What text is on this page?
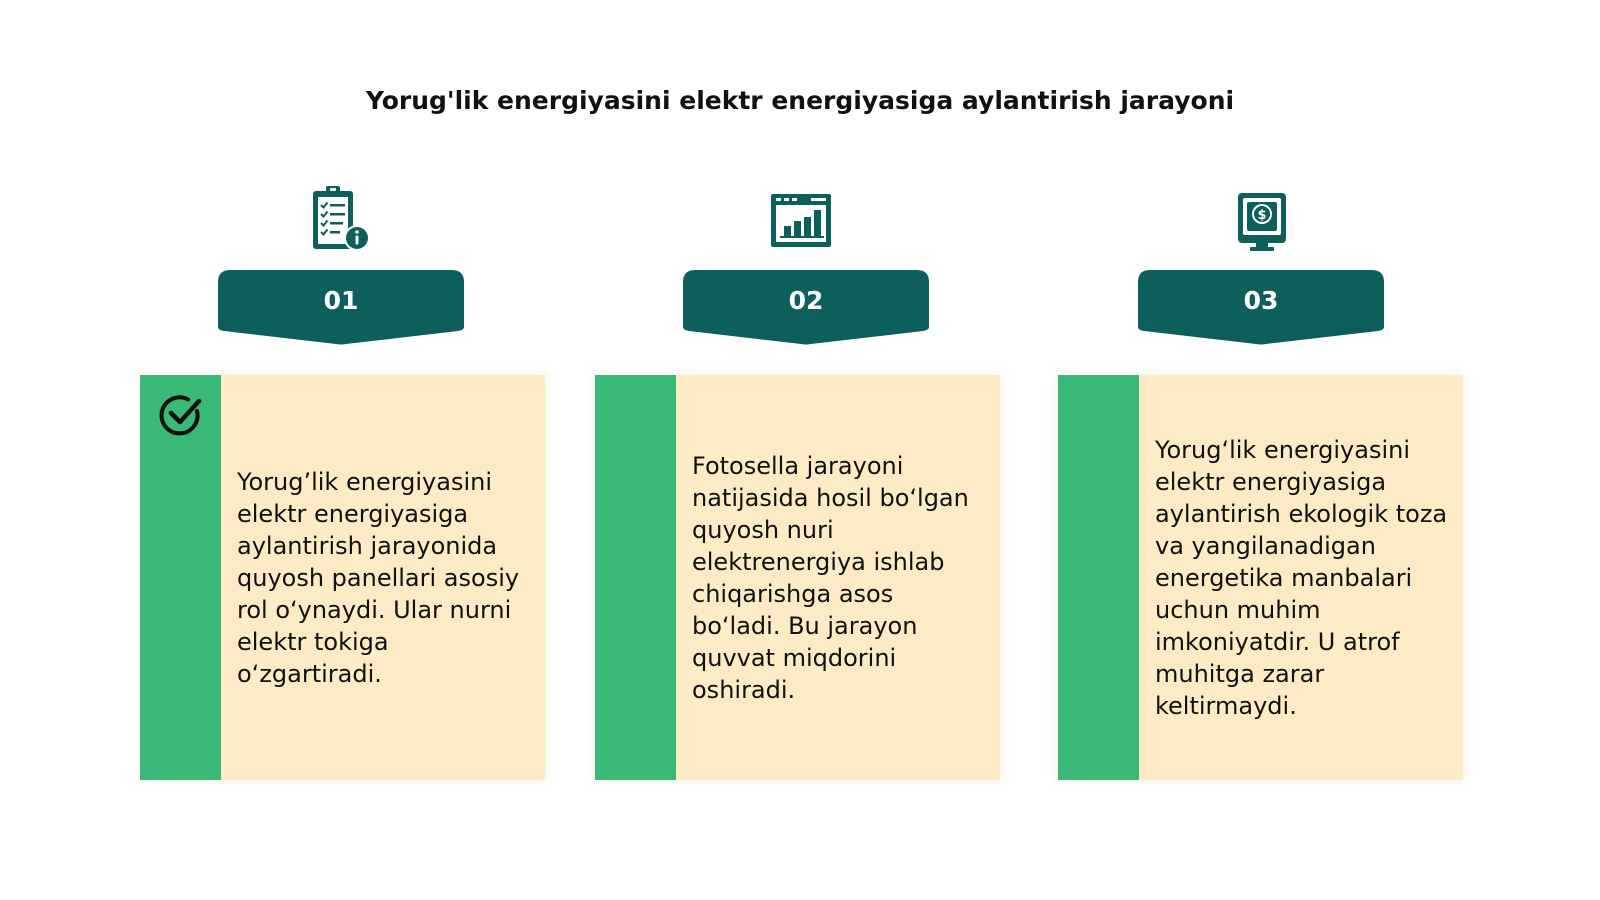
Yorug'lik energiyasini elektr energiyasiga aylantirish jarayoni
01

Yorug’lik energiyasini elektr energiyasiga aylantirish jarayonida quyosh panellari asosiy rol o‘ynaydi. Ular nurni elektr tokiga o‘zgartiradi.

02

Fotosella jarayoni natijasida hosil bo‘lgan quyosh nuri elektrenergiya ishlab chiqarishga asos bo‘ladi. Bu jarayon quvvat miqdorini oshiradi.

$
03

Yorug‘lik energiyasini elektr energiyasiga aylantirish ekologik toza va yangilanadigan energetika manbalari uchun muhim imkoniyatdir. U atrof muhitga zarar keltirmaydi.
